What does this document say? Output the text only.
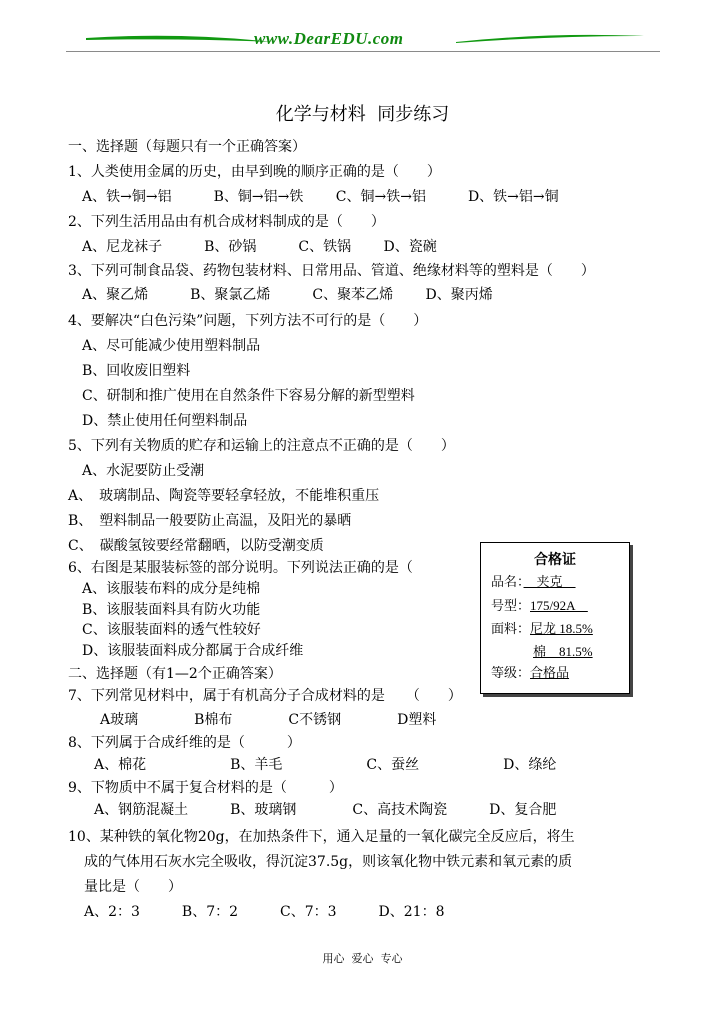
www.DearEDU.com
化学与材料  同步练习
一、选择题（每题只有一个正确答案）
1、人类使用金属的历史，由早到晚的顺序正确的是（　　）
A、铁→铜→铝　　　B、铜→铝→铁　　 C、铜→铁→铝　　　D、铁→铝→铜
2、下列生活用品由有机合成材料制成的是（　　）
A、尼龙袜子　　　B、砂锅　　　C、铁锅　　 D、瓷碗
3、下列可制食品袋、药物包装材料、日常用品、管道、绝缘材料等的塑料是（　　）
A、聚乙烯　　　B、聚氯乙烯　　　C、聚苯乙烯　　 D、聚丙烯
4、要解决“白色污染”问题，下列方法不可行的是（　　）
A、尽可能减少使用塑料制品
B、回收废旧塑料
C、研制和推广使用在自然条件下容易分解的新型塑料
D、禁止使用任何塑料制品
5、下列有关物质的贮存和运输上的注意点不正确的是（　　）
A、水泥要防止受潮
A、　玻璃制品、陶瓷等要轻拿轻放，不能堆积重压
B、　塑料制品一般要防止高温，及阳光的暴晒
C、　碳酸氢铵要经常翻晒，以防受潮变质
6、右图是某服装标签的部分说明。下列说法正确的是（
A、该服装布料的成分是纯棉
B、该服装面料具有防火功能
C、该服装面料的透气性较好
D、该服装面料成分都属于合成纤维
二、选择题（有1—2个正确答案）
7、下列常见材料中，属于有机高分子合成材料的是　　（　　）
A玻璃　　　　B棉布　　　　C不锈钢　　　　D塑料
8、下列属于合成纤维的是（　　　）
A、棉花　　　　　　B、羊毛　　　　　　C、蚕丝　　　　　　D、绦纶
9、下物质中不属于复合材料的是（　　　）
A、钢筋混凝土　　　B、玻璃钢　　　　C、高技术陶瓷　　　D、复合肥
10、某种铁的氧化物20g，在加热条件下，通入足量的一氧化碳完全反应后，将生
成的气体用石灰水完全吸收，得沉淀37.5g，则该氧化物中铁元素和氧元素的质
量比是（　　）
A、2：3　　　B、7：2　　　C、7：3　　　D、21：8
合格证
品名：　夹克　
号型：175/92A　
面料：尼龙 18.5%
棉　81.5%
等级：合格品
用心  爱心  专心
